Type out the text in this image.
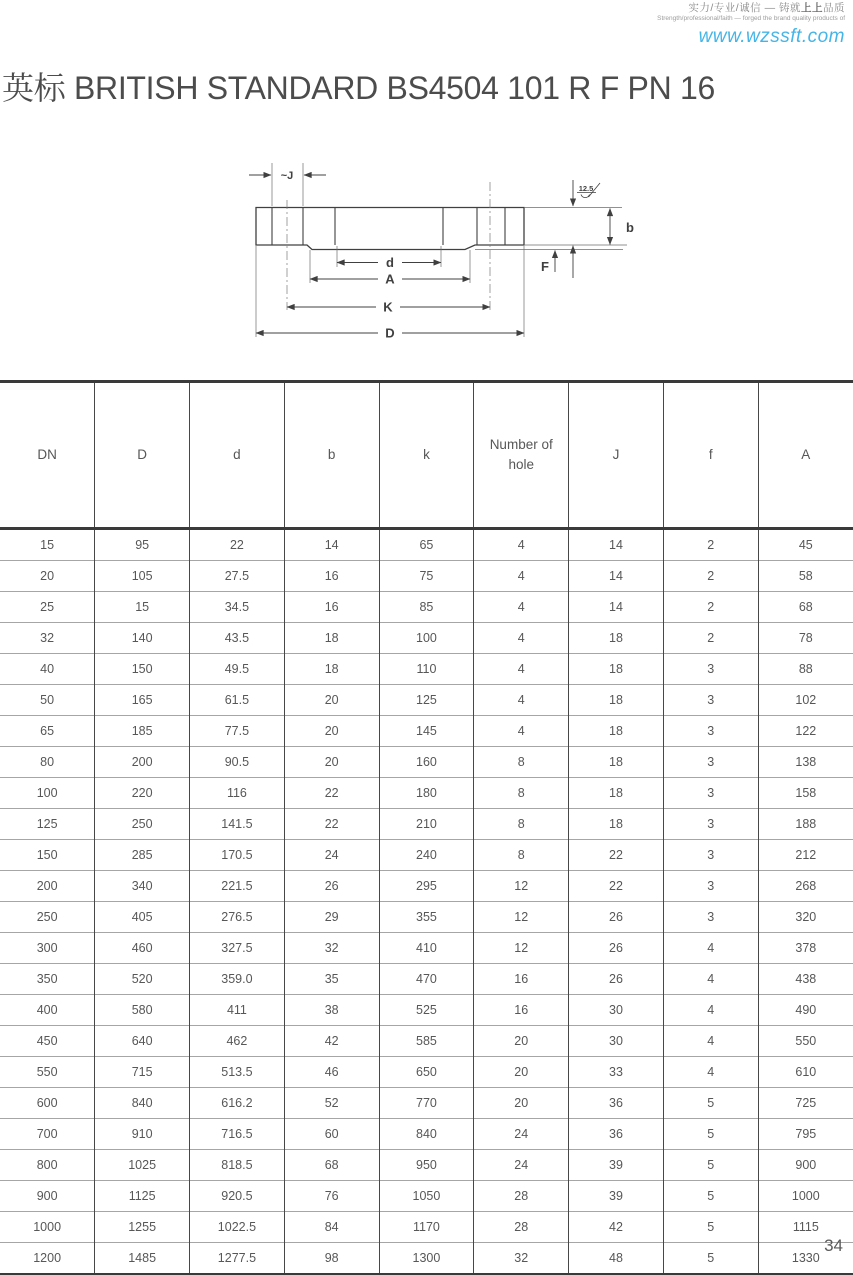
实力/专业/诚信 — 铸就上上品质
Strength/professional/faith — forged the brand quality products of
www.wzssft.com
英标 BRITISH STANDARD BS4504 101 R F PN 16
~J
12.5
b
F
d
A
K
D
DN	D	d	b	k	Number of hole	J	f	A
15	95	22	14	65	4	14	2	45
20	105	27.5	16	75	4	14	2	58
25	15	34.5	16	85	4	14	2	68
32	140	43.5	18	100	4	18	2	78
40	150	49.5	18	110	4	18	3	88
50	165	61.5	20	125	4	18	3	102
65	185	77.5	20	145	4	18	3	122
80	200	90.5	20	160	8	18	3	138
100	220	116	22	180	8	18	3	158
125	250	141.5	22	210	8	18	3	188
150	285	170.5	24	240	8	22	3	212
200	340	221.5	26	295	12	22	3	268
250	405	276.5	29	355	12	26	3	320
300	460	327.5	32	410	12	26	4	378
350	520	359.0	35	470	16	26	4	438
400	580	411	38	525	16	30	4	490
450	640	462	42	585	20	30	4	550
550	715	513.5	46	650	20	33	4	610
600	840	616.2	52	770	20	36	5	725
700	910	716.5	60	840	24	36	5	795
800	1025	818.5	68	950	24	39	5	900
900	1125	920.5	76	1050	28	39	5	1000
1000	1255	1022.5	84	1170	28	42	5	1115
1200	1485	1277.5	98	1300	32	48	5	1330
34
